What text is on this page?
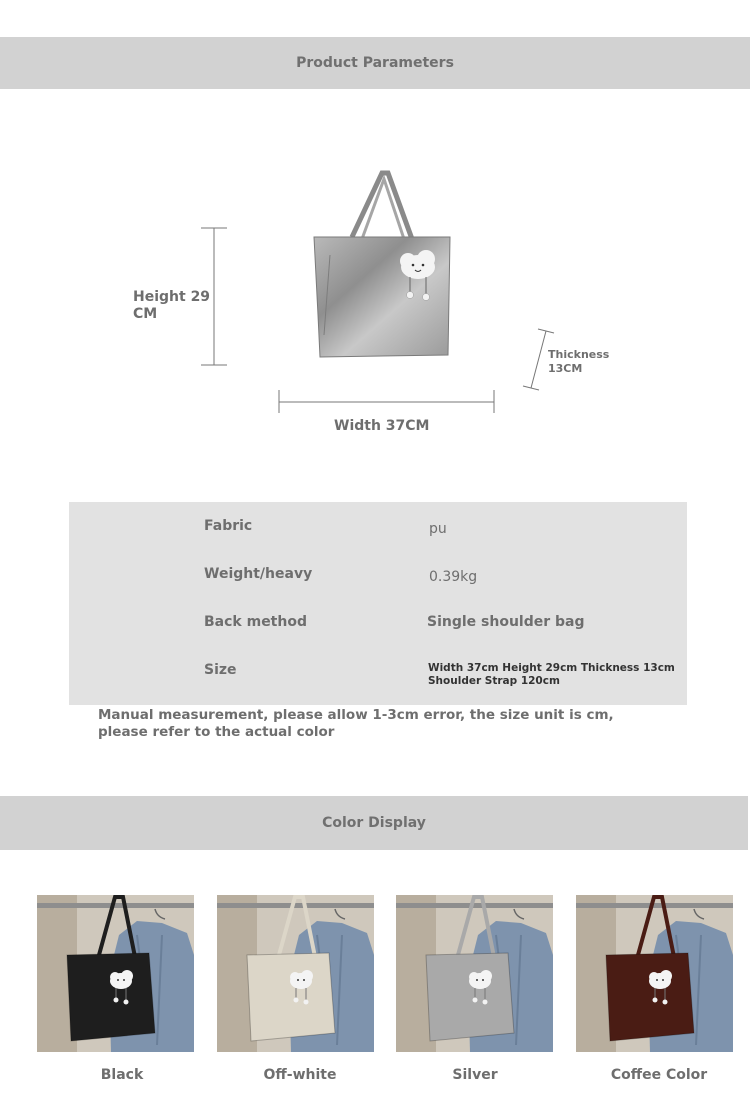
Product Parameters
Height 29 CM
Width 37CM
Thickness 13CM
Fabric	pu
Weight/heavy	0.39kg
Back method	Single shoulder bag
Size	Width 37cm Height 29cm Thickness 13cm Shoulder Strap 120cm
Manual measurement, please allow 1-3cm error, the size unit is cm, please refer to the actual color
Color Display
Black	Off-white	Silver	Coffee Color
